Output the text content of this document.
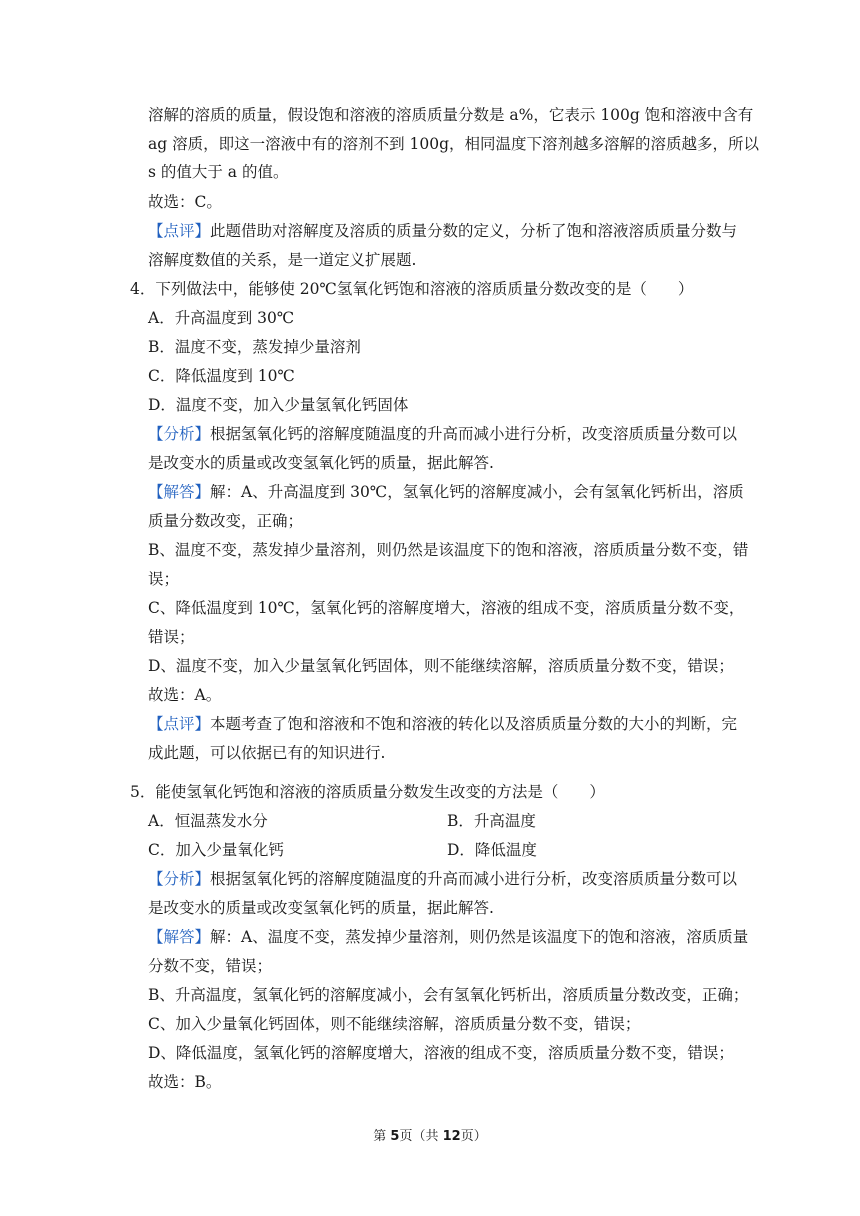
溶解的溶质的质量，假设饱和溶液的溶质质量分数是 a%，它表示 100g 饱和溶液中含有
ag 溶质，即这一溶液中有的溶剂不到 100g，相同温度下溶剂越多溶解的溶质越多，所以
s 的值大于 a 的值。
故选：C。
【点评】此题借助对溶解度及溶质的质量分数的定义，分析了饱和溶液溶质质量分数与
溶解度数值的关系，是一道定义扩展题.
4．下列做法中，能够使 20℃氢氧化钙饱和溶液的溶质质量分数改变的是（　　）
A．升高温度到 30℃
B．温度不变，蒸发掉少量溶剂
C．降低温度到 10℃
D．温度不变，加入少量氢氧化钙固体
【分析】根据氢氧化钙的溶解度随温度的升高而减小进行分析，改变溶质质量分数可以
是改变水的质量或改变氢氧化钙的质量，据此解答.
【解答】解：A、升高温度到 30℃，氢氧化钙的溶解度减小，会有氢氧化钙析出，溶质
质量分数改变，正确；
B、温度不变，蒸发掉少量溶剂，则仍然是该温度下的饱和溶液，溶质质量分数不变，错
误；
C、降低温度到 10℃，氢氧化钙的溶解度增大，溶液的组成不变，溶质质量分数不变，
错误；
D、温度不变，加入少量氢氧化钙固体，则不能继续溶解，溶质质量分数不变，错误；
故选：A。
【点评】本题考查了饱和溶液和不饱和溶液的转化以及溶质质量分数的大小的判断，完
成此题，可以依据已有的知识进行.
5．能使氢氧化钙饱和溶液的溶质质量分数发生改变的方法是（　　）
A．恒温蒸发水分	B．升高温度
C．加入少量氧化钙	D．降低温度
【分析】根据氢氧化钙的溶解度随温度的升高而减小进行分析，改变溶质质量分数可以
是改变水的质量或改变氢氧化钙的质量，据此解答.
【解答】解：A、温度不变，蒸发掉少量溶剂，则仍然是该温度下的饱和溶液，溶质质量
分数不变，错误；
B、升高温度，氢氧化钙的溶解度减小，会有氢氧化钙析出，溶质质量分数改变，正确；
C、加入少量氧化钙固体，则不能继续溶解，溶质质量分数不变，错误；
D、降低温度，氢氧化钙的溶解度增大，溶液的组成不变，溶质质量分数不变，错误；
故选：B。
第 5页（共 12页）
